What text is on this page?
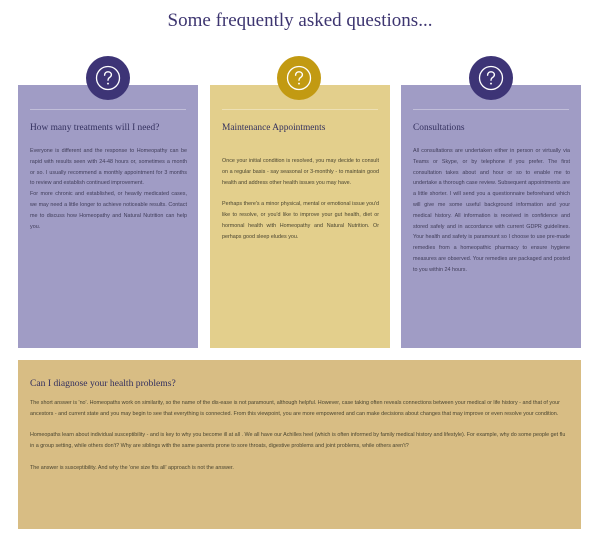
Some frequently asked questions...
How many treatments will I need?

Everyone is different and the response to Homeopathy can be rapid with results seen with 24-48 hours or, sometimes a month or so. I usually recommend a monthly appointment for 3 months to review and establish continued improvement.

For more chronic and established, or heavily medicated cases, we may need a little longer to achieve noticeable results. Contact me to discuss how Homeopathy and Natural Nutrition can help you.

Maintenance Appointments

Once your initial condition is resolved, you may decide to consult on a regular basis - say seasonal or 3-monthly - to maintain good health and address other health issues you may have.

Perhaps there's a minor physical, mental or emotional issue you'd like to resolve, or you'd like to improve your gut health, diet or hormonal health with Homeopathy and Natural Nutrition. Or perhaps good sleep eludes you.

Consultations

All consultations are undertaken either in person or virtually via Teams or Skype, or by telephone if you prefer. The first consultation takes about and hour or so to enable me to undertake a thorough case review. Subsequent appointments are a little shorter. I will send you a questionnaire beforehand which will give me some useful background information and your medical history. All information is received in confidence and stored safely and in accordance with current GDPR guidelines. Your health and safety is paramount so I choose to use pre-made remedies from a homeopathic pharmacy to ensure hygiene measures are observed. Your remedies are packaged and posted to you within 24 hours.

Can I diagnose your health problems?

The short answer is 'no'. Homeopaths work on similarity, so the name of the dis-ease is not paramount, although helpful. However, case taking often reveals connections between your medical or life history - and that of your ancestors - and current state and you may begin to see that everything is connected. From this viewpoint, you are more empowered and can make decisions about changes that may improve or even resolve your condition.

Homeopaths learn about individual susceptibility - and is key to why you become ill at all . We all have our Achilles heel (which is often informed by family medical history and lifestyle). For example, why do some people get flu in a group setting, while others don't? Why are siblings with the same parents prone to sore throats, digestive problems and joint problems, while others aren't?

The answer is susceptibility. And why the 'one size fits all' approach is not the answer.
